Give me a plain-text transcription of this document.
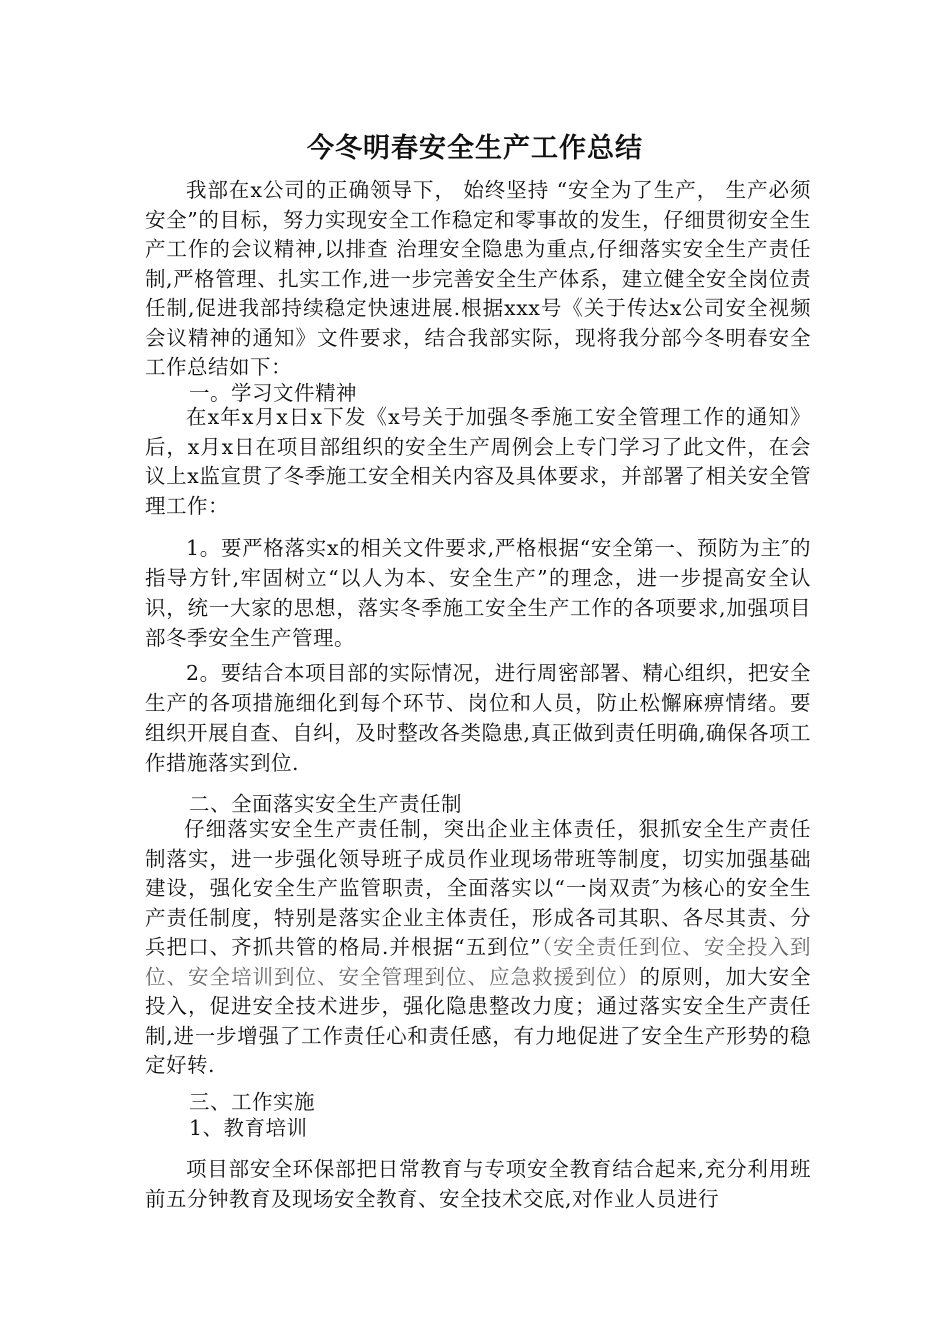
今冬明春安全生产工作总结
我部在x公司的正确领导下， 始终坚持 “安全为了生产， 生产必须安全”的目标，努力实现安全工作稳定和零事故的发生，仔细贯彻安全生产工作的会议精神,以排查 治理安全隐患为重点,仔细落实安全生产责任制,严格管理、扎实工作,进一步完善安全生产体系，建立健全安全岗位责任制,促进我部持续稳定快速进展.根据xxx号《关于传达x公司安全视频会议精神的通知》文件要求，结合我部实际，现将我分部今冬明春安全工作总结如下：
一。学习文件精神
在x年x月x日x下发《x号关于加强冬季施工安全管理工作的通知》后，x月x日在项目部组织的安全生产周例会上专门学习了此文件，在会议上x监宣贯了冬季施工安全相关内容及具体要求，并部署了相关安全管理工作：
1。要严格落实x的相关文件要求,严格根据“安全第一、预防为主″的指导方针,牢固树立“以人为本、安全生产”的理念，进一步提高安全认识，统一大家的思想，落实冬季施工安全生产工作的各项要求,加强项目部冬季安全生产管理。
2。要结合本项目部的实际情况，进行周密部署、精心组织，把安全生产的各项措施细化到每个环节、岗位和人员，防止松懈麻痹情绪。要组织开展自查、自纠，及时整改各类隐患,真正做到责任明确,确保各项工作措施落实到位.
二、全面落实安全生产责任制
仔细落实安全生产责任制，突出企业主体责任，狠抓安全生产责任制落实，进一步强化领导班子成员作业现场带班等制度，切实加强基础建设，强化安全生产监管职责，全面落实以“一岗双责″为核心的安全生产责任制度，特别是落实企业主体责任，形成各司其职、各尽其责、分兵把口、齐抓共管的格局.并根据“五到位”（安全责任到位、安全投入到位、安全培训到位、安全管理到位、应急救援到位）的原则，加大安全投入，促进安全技术进步，强化隐患整改力度；通过落实安全生产责任制,进一步增强了工作责任心和责任感，有力地促进了安全生产形势的稳定好转.
三、工作实施
1、教育培训
项目部安全环保部把日常教育与专项安全教育结合起来,充分利用班前五分钟教育及现场安全教育、安全技术交底,对作业人员进行
